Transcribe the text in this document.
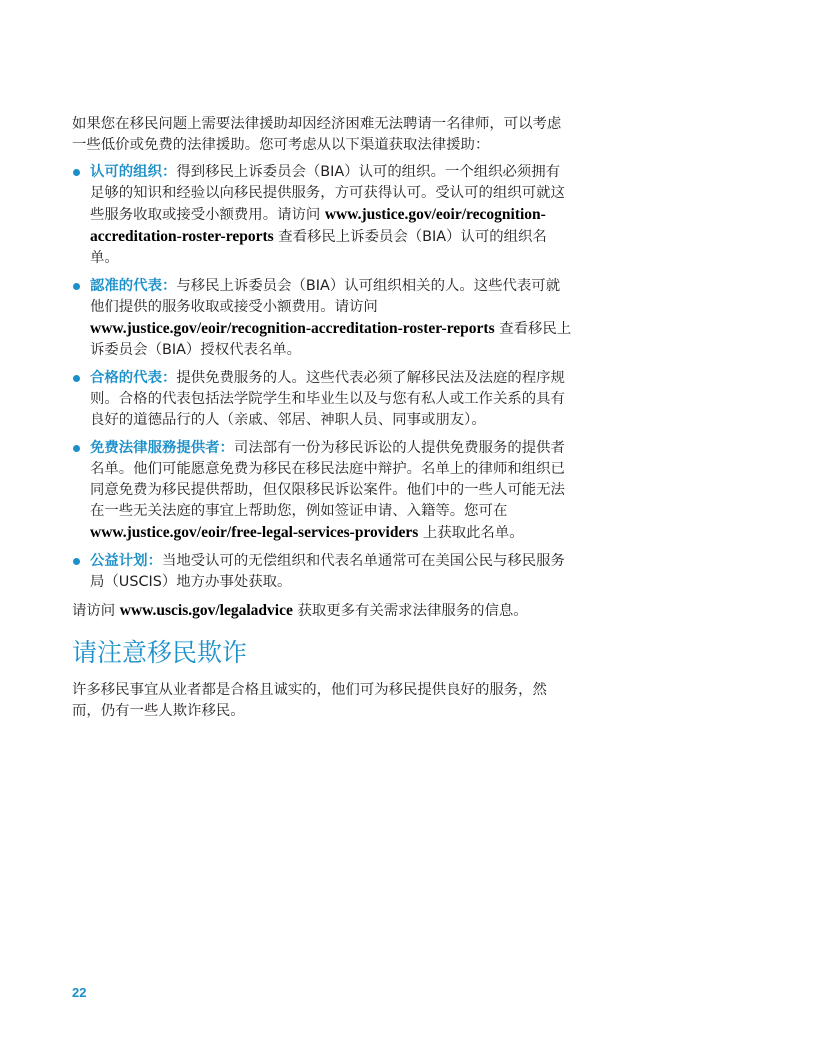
如果您在移民问题上需要法律援助却因经济困难无法聘请一名律师，可以考虑一些低价或免费的法律援助。您可考虑从以下渠道获取法律援助：

认可的组织：得到移民上诉委员会（BIA）认可的组织。一个组织必须拥有足够的知识和经验以向移民提供服务，方可获得认可。受认可的组织可就这些服务收取或接受小额费用。请访问 www.justice.gov/eoir/recognition-accreditation-roster-reports 查看移民上诉委员会（BIA）认可的组织名单。
認准的代表：与移民上诉委员会（BIA）认可组织相关的人。这些代表可就他们提供的服务收取或接受小额费用。请访问 www.justice.gov/eoir/recognition-accreditation-roster-reports 查看移民上诉委员会（BIA）授权代表名单。
合格的代表：提供免费服务的人。这些代表必须了解移民法及法庭的程序规则。合格的代表包括法学院学生和毕业生以及与您有私人或工作关系的具有良好的道德品行的人（亲戚、邻居、神职人员、同事或朋友）。
免费法律服務提供者：司法部有一份为移民诉讼的人提供免费服务的提供者名单。他们可能愿意免费为移民在移民法庭中辩护。名单上的律师和组织已同意免费为移民提供帮助，但仅限移民诉讼案件。他们中的一些人可能无法在一些无关法庭的事宜上帮助您，例如签证申请、入籍等。您可在 www.justice.gov/eoir/free-legal-services-providers 上获取此名单。
公益计划：当地受认可的无偿组织和代表名单通常可在美国公民与移民服务局（USCIS）地方办事处获取。

请访问 www.uscis.gov/legaladvice 获取更多有关需求法律服务的信息。

请注意移民欺诈

许多移民事宜从业者都是合格且诚实的，他们可为移民提供良好的服务，然而，仍有一些人欺诈移民。

22
